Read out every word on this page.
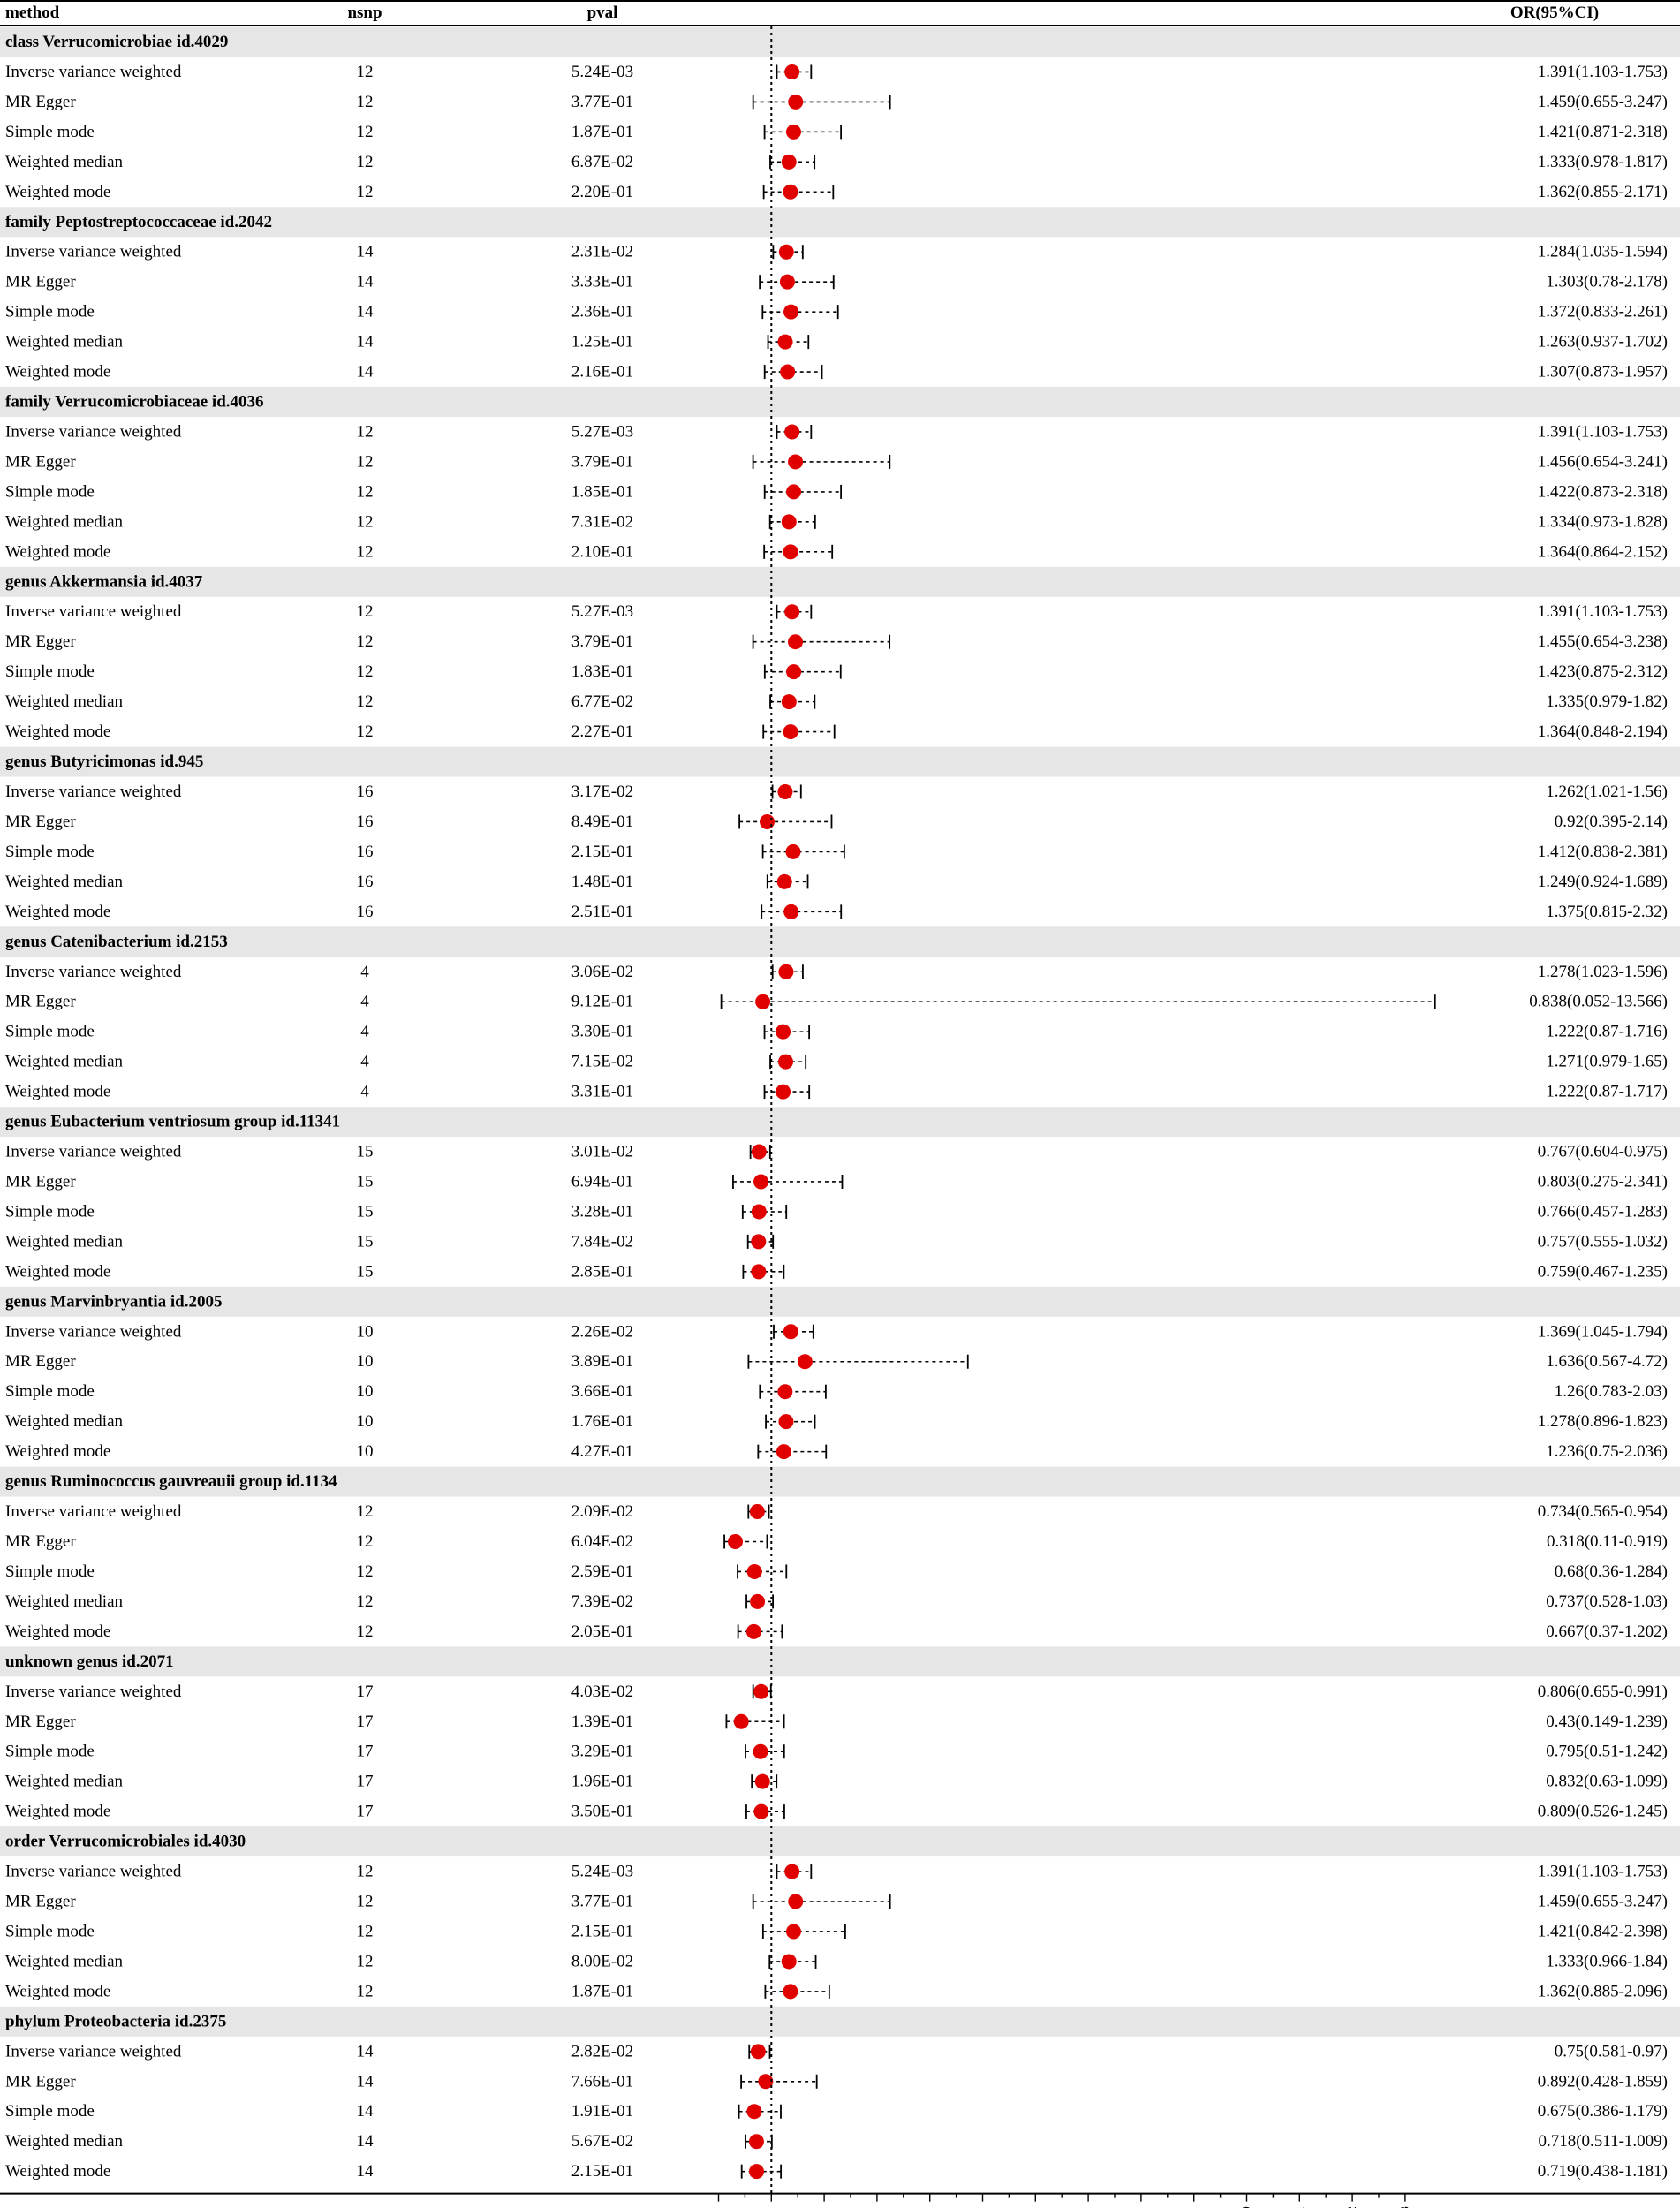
method	nsnp	pval	OR(95%CI)
class Verrucomicrobiae id.4029
Inverse variance weighted	12	5.24E-03	1.391(1.103-1.753)
MR Egger	12	3.77E-01	1.459(0.655-3.247)
Simple mode	12	1.87E-01	1.421(0.871-2.318)
Weighted median	12	6.87E-02	1.333(0.978-1.817)
Weighted mode	12	2.20E-01	1.362(0.855-2.171)
family Peptostreptococcaceae id.2042
Inverse variance weighted	14	2.31E-02	1.284(1.035-1.594)
MR Egger	14	3.33E-01	1.303(0.78-2.178)
Simple mode	14	2.36E-01	1.372(0.833-2.261)
Weighted median	14	1.25E-01	1.263(0.937-1.702)
Weighted mode	14	2.16E-01	1.307(0.873-1.957)
family Verrucomicrobiaceae id.4036
Inverse variance weighted	12	5.27E-03	1.391(1.103-1.753)
MR Egger	12	3.79E-01	1.456(0.654-3.241)
Simple mode	12	1.85E-01	1.422(0.873-2.318)
Weighted median	12	7.31E-02	1.334(0.973-1.828)
Weighted mode	12	2.10E-01	1.364(0.864-2.152)
genus Akkermansia id.4037
Inverse variance weighted	12	5.27E-03	1.391(1.103-1.753)
MR Egger	12	3.79E-01	1.455(0.654-3.238)
Simple mode	12	1.83E-01	1.423(0.875-2.312)
Weighted median	12	6.77E-02	1.335(0.979-1.82)
Weighted mode	12	2.27E-01	1.364(0.848-2.194)
genus Butyricimonas id.945
Inverse variance weighted	16	3.17E-02	1.262(1.021-1.56)
MR Egger	16	8.49E-01	0.92(0.395-2.14)
Simple mode	16	2.15E-01	1.412(0.838-2.381)
Weighted median	16	1.48E-01	1.249(0.924-1.689)
Weighted mode	16	2.51E-01	1.375(0.815-2.32)
genus Catenibacterium id.2153
Inverse variance weighted	4	3.06E-02	1.278(1.023-1.596)
MR Egger	4	9.12E-01	0.838(0.052-13.566)
Simple mode	4	3.30E-01	1.222(0.87-1.716)
Weighted median	4	7.15E-02	1.271(0.979-1.65)
Weighted mode	4	3.31E-01	1.222(0.87-1.717)
genus Eubacterium ventriosum group id.11341
Inverse variance weighted	15	3.01E-02	0.767(0.604-0.975)
MR Egger	15	6.94E-01	0.803(0.275-2.341)
Simple mode	15	3.28E-01	0.766(0.457-1.283)
Weighted median	15	7.84E-02	0.757(0.555-1.032)
Weighted mode	15	2.85E-01	0.759(0.467-1.235)
genus Marvinbryantia id.2005
Inverse variance weighted	10	2.26E-02	1.369(1.045-1.794)
MR Egger	10	3.89E-01	1.636(0.567-4.72)
Simple mode	10	3.66E-01	1.26(0.783-2.03)
Weighted median	10	1.76E-01	1.278(0.896-1.823)
Weighted mode	10	4.27E-01	1.236(0.75-2.036)
genus Ruminococcus gauvreauii group id.1134
Inverse variance weighted	12	2.09E-02	0.734(0.565-0.954)
MR Egger	12	6.04E-02	0.318(0.11-0.919)
Simple mode	12	2.59E-01	0.68(0.36-1.284)
Weighted median	12	7.39E-02	0.737(0.528-1.03)
Weighted mode	12	2.05E-01	0.667(0.37-1.202)
unknown genus id.2071
Inverse variance weighted	17	4.03E-02	0.806(0.655-0.991)
MR Egger	17	1.39E-01	0.43(0.149-1.239)
Simple mode	17	3.29E-01	0.795(0.51-1.242)
Weighted median	17	1.96E-01	0.832(0.63-1.099)
Weighted mode	17	3.50E-01	0.809(0.526-1.245)
order Verrucomicrobiales id.4030
Inverse variance weighted	12	5.24E-03	1.391(1.103-1.753)
MR Egger	12	3.77E-01	1.459(0.655-3.247)
Simple mode	12	2.15E-01	1.421(0.842-2.398)
Weighted median	12	8.00E-02	1.333(0.966-1.84)
Weighted mode	12	1.87E-01	1.362(0.885-2.096)
phylum Proteobacteria id.2375
Inverse variance weighted	14	2.82E-02	0.75(0.581-0.97)
MR Egger	14	7.66E-01	0.892(0.428-1.859)
Simple mode	14	1.91E-01	0.675(0.386-1.179)
Weighted median	14	5.67E-02	0.718(0.511-1.009)
Weighted mode	14	2.15E-01	0.719(0.438-1.181)
